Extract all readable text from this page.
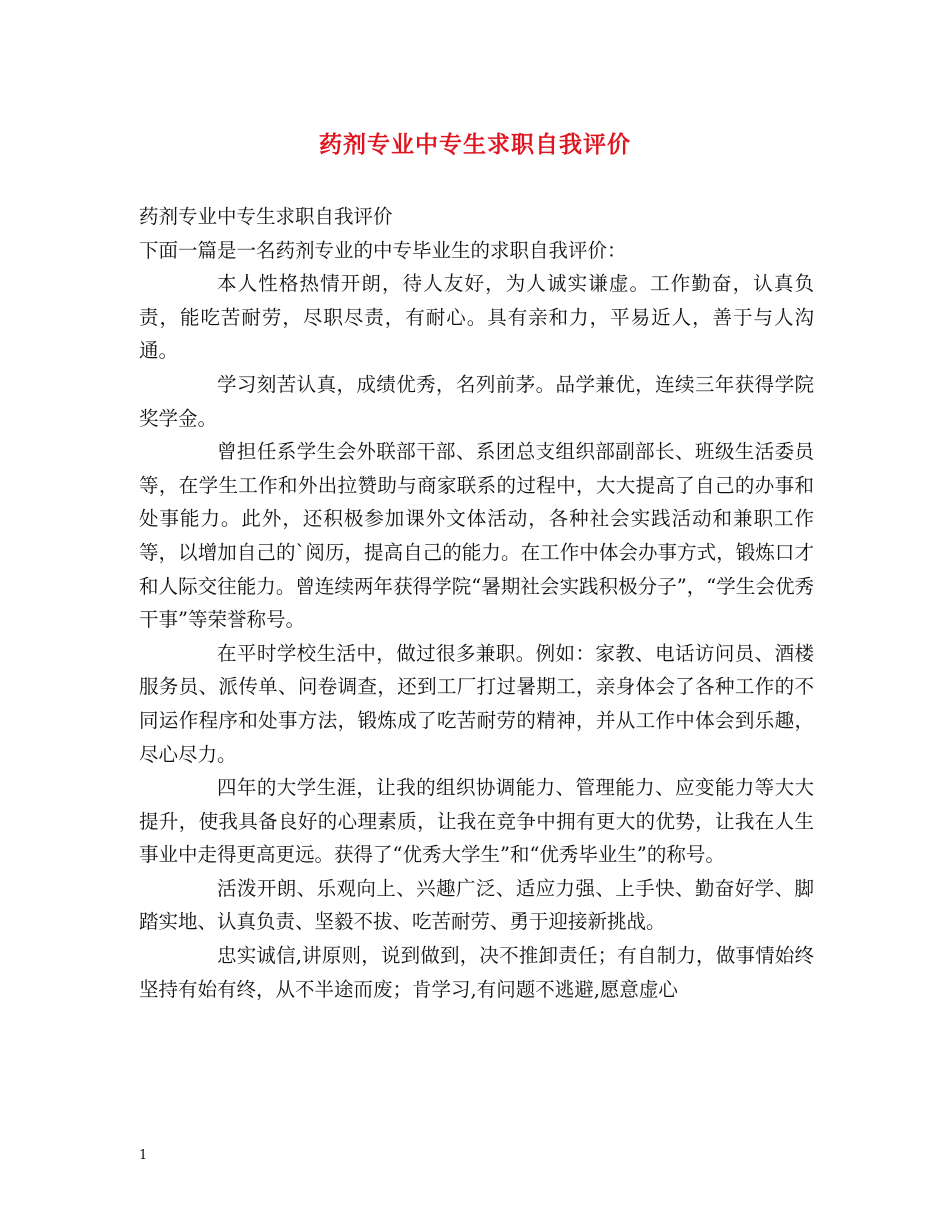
药剂专业中专生求职自我评价

药剂专业中专生求职自我评价

下面一篇是一名药剂专业的中专毕业生的求职自我评价：

本人性格热情开朗，待人友好，为人诚实谦虚。工作勤奋，认真负责，能吃苦耐劳，尽职尽责，有耐心。具有亲和力，平易近人，善于与人沟通。

学习刻苦认真，成绩优秀，名列前茅。品学兼优，连续三年获得学院奖学金。

曾担任系学生会外联部干部、系团总支组织部副部长、班级生活委员等，在学生工作和外出拉赞助与商家联系的过程中，大大提高了自己的办事和处事能力。此外，还积极参加课外文体活动，各种社会实践活动和兼职工作等，以增加自己的`阅历，提高自己的能力。在工作中体会办事方式，锻炼口才和人际交往能力。曾连续两年获得学院“暑期社会实践积极分子”，“学生会优秀干事”等荣誉称号。

在平时学校生活中，做过很多兼职。例如：家教、电话访问员、酒楼服务员、派传单、问卷调查，还到工厂打过暑期工，亲身体会了各种工作的不同运作程序和处事方法，锻炼成了吃苦耐劳的精神，并从工作中体会到乐趣，尽心尽力。

四年的大学生涯，让我的组织协调能力、管理能力、应变能力等大大提升，使我具备良好的心理素质，让我在竞争中拥有更大的优势，让我在人生事业中走得更高更远。获得了“优秀大学生”和“优秀毕业生”的称号。

活泼开朗、乐观向上、兴趣广泛、适应力强、上手快、勤奋好学、脚踏实地、认真负责、坚毅不拔、吃苦耐劳、勇于迎接新挑战。

忠实诚信,讲原则，说到做到，决不推卸责任；有自制力，做事情始终坚持有始有终，从不半途而废；肯学习,有问题不逃避,愿意虚心

1
